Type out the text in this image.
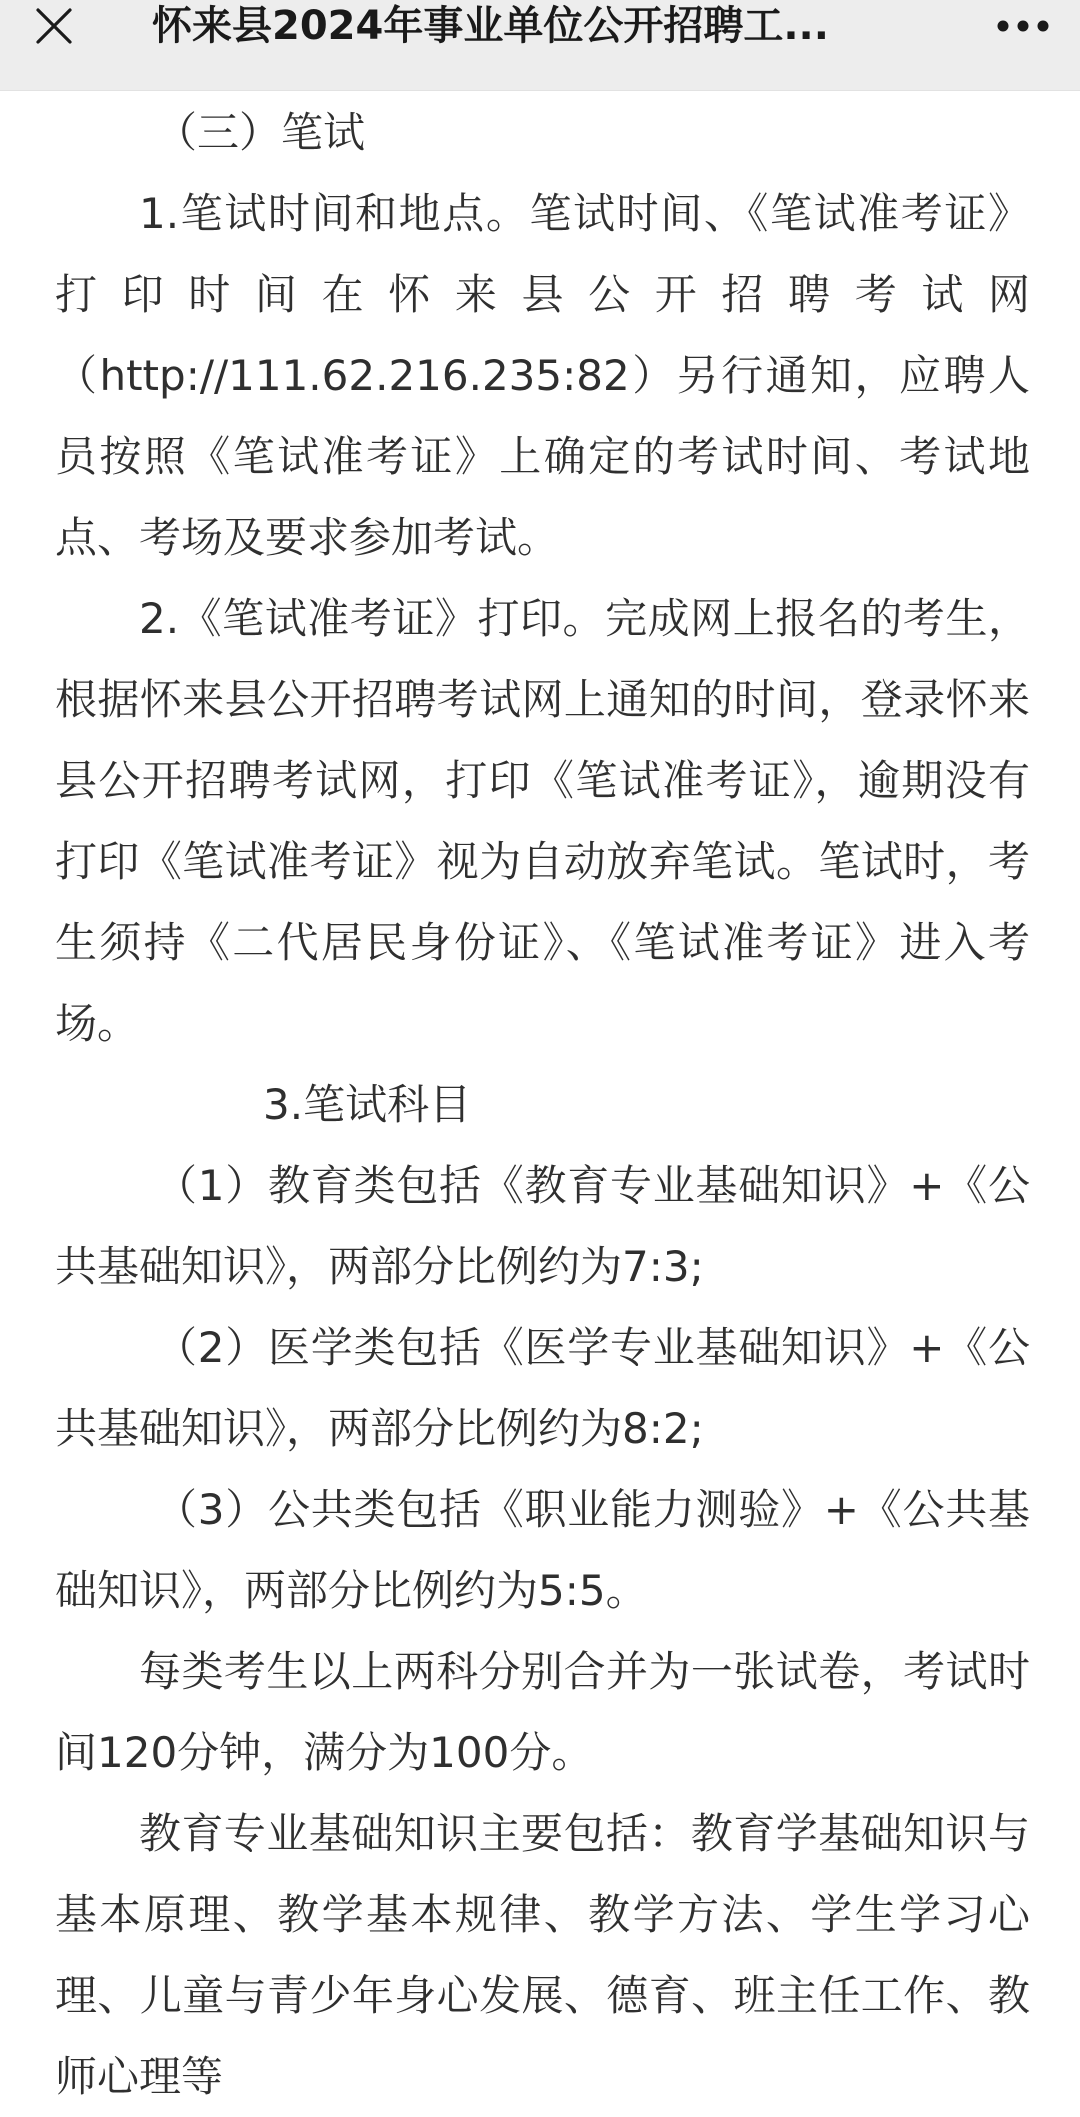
怀来县2024年事业单位公开招聘工...

（三）笔试

1.笔试时间和地点。笔试时间、《笔试准考证》打印时间在怀来县公开招聘考试网（http://111.62.216.235:82）另行通知，应聘人员按照《笔试准考证》上确定的考试时间、考试地点、考场及要求参加考试。

2.《笔试准考证》打印。完成网上报名的考生，根据怀来县公开招聘考试网上通知的时间，登录怀来县公开招聘考试网，打印《笔试准考证》，逾期没有打印《笔试准考证》视为自动放弃笔试。笔试时，考生须持《二代居民身份证》、《笔试准考证》进入考场。

3.笔试科目

（1）教育类包括《教育专业基础知识》+《公共基础知识》，两部分比例约为7:3;

（2）医学类包括《医学专业基础知识》+《公共基础知识》，两部分比例约为8:2;

（3）公共类包括《职业能力测验》+《公共基础知识》，两部分比例约为5:5。

每类考生以上两科分别合并为一张试卷，考试时间120分钟，满分为100分。

教育专业基础知识主要包括：教育学基础知识与基本原理、教学基本规律、教学方法、学生学习心理、儿童与青少年身心发展、德育、班主任工作、教师心理等
